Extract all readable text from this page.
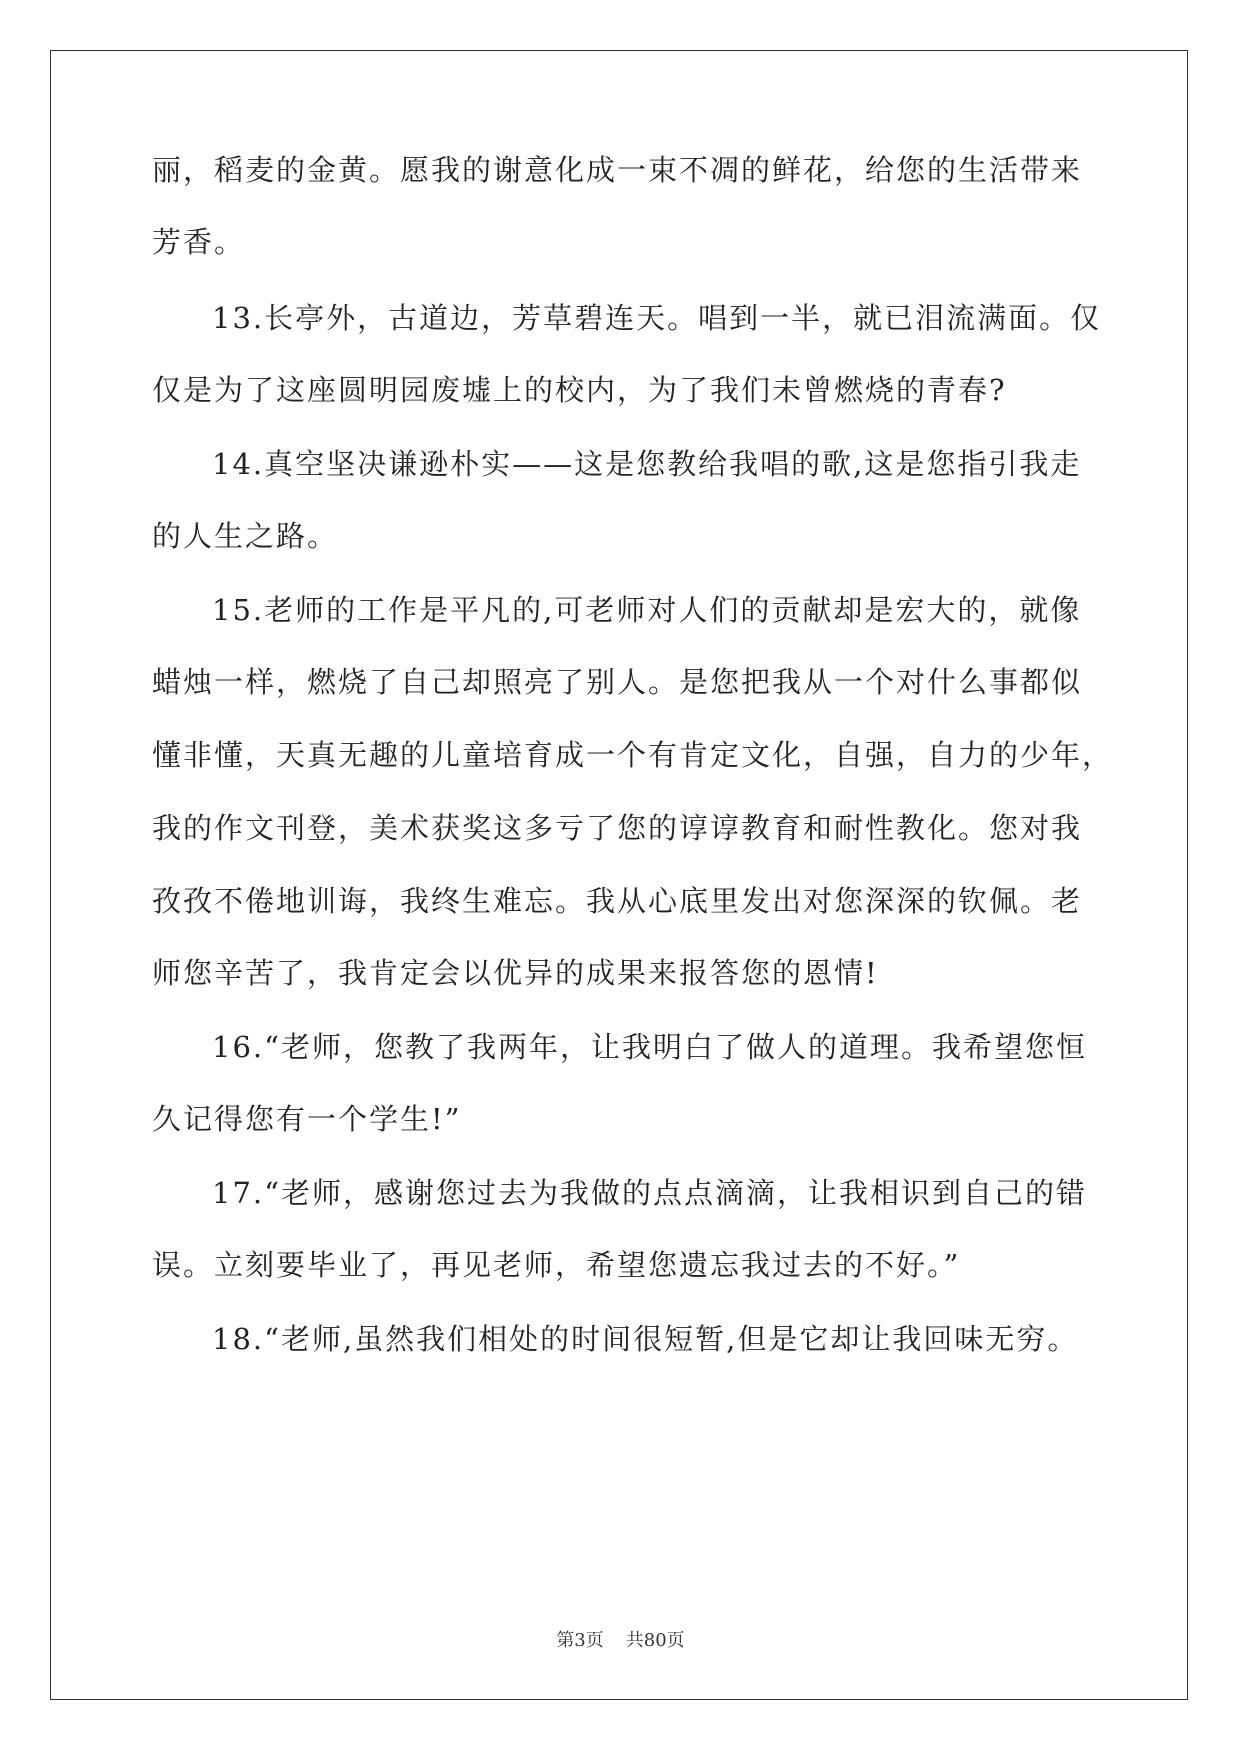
丽，稻麦的金黄。愿我的谢意化成一束不凋的鲜花，给您的生活带来
芳香。
13.长亭外，古道边，芳草碧连天。唱到一半，就已泪流满面。仅
仅是为了这座圆明园废墟上的校内，为了我们未曾燃烧的青春?
14.真空坚决谦逊朴实——这是您教给我唱的歌,这是您指引我走
的人生之路。
15.老师的工作是平凡的,可老师对人们的贡献却是宏大的，就像
蜡烛一样，燃烧了自己却照亮了别人。是您把我从一个对什么事都似
懂非懂，天真无趣的儿童培育成一个有肯定文化，自强，自力的少年，
我的作文刊登，美术获奖这多亏了您的谆谆教育和耐性教化。您对我
孜孜不倦地训诲，我终生难忘。我从心底里发出对您深深的钦佩。老
师您辛苦了，我肯定会以优异的成果来报答您的恩情!
16.“老师，您教了我两年，让我明白了做人的道理。我希望您恒
久记得您有一个学生!”
17.“老师，感谢您过去为我做的点点滴滴，让我相识到自己的错
误。立刻要毕业了，再见老师，希望您遗忘我过去的不好。”
18.“老师,虽然我们相处的时间很短暂,但是它却让我回味无穷。
第3页 共80页
